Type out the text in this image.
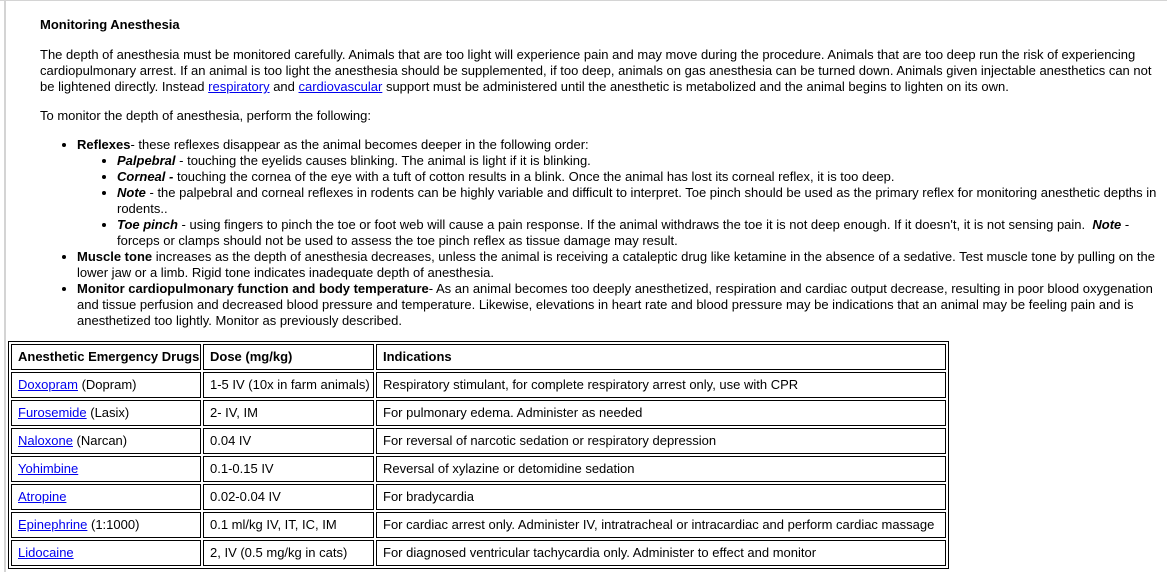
Monitoring Anesthesia

The depth of anesthesia must be monitored carefully. Animals that are too light will experience pain and may move during the procedure. Animals that are too deep run the risk of experiencing cardiopulmonary arrest. If an animal is too light the anesthesia should be supplemented, if too deep, animals on gas anesthesia can be turned down. Animals given injectable anesthetics can not be lightened directly. Instead respiratory and cardiovascular support must be administered until the anesthetic is metabolized and the animal begins to lighten on its own.

To monitor the depth of anesthesia, perform the following:

• Reflexes- these reflexes disappear as the animal becomes deeper in the following order:
• Palpebral - touching the eyelids causes blinking. The animal is light if it is blinking.
• Corneal - touching the cornea of the eye with a tuft of cotton results in a blink. Once the animal has lost its corneal reflex, it is too deep.
• Note - the palpebral and corneal reflexes in rodents can be highly variable and difficult to interpret. Toe pinch should be used as the primary reflex for monitoring anesthetic depths in rodents..
• Toe pinch - using fingers to pinch the toe or foot web will cause a pain response. If the animal withdraws the toe it is not deep enough. If it doesn't, it is not sensing pain.  Note - forceps or clamps should not be used to assess the toe pinch reflex as tissue damage may result.
• Muscle tone increases as the depth of anesthesia decreases, unless the animal is receiving a cataleptic drug like ketamine in the absence of a sedative. Test muscle tone by pulling on the lower jaw or a limb. Rigid tone indicates inadequate depth of anesthesia.
• Monitor cardiopulmonary function and body temperature- As an animal becomes too deeply anesthetized, respiration and cardiac output decrease, resulting in poor blood oxygenation and tissue perfusion and decreased blood pressure and temperature. Likewise, elevations in heart rate and blood pressure may be indications that an animal may be feeling pain and is anesthetized too lightly. Monitor as previously described.
Anesthetic Emergency Drugs	Dose (mg/kg)	Indications
Doxopram (Dopram)	1-5 IV (10x in farm animals)	Respiratory stimulant, for complete respiratory arrest only, use with CPR
Furosemide (Lasix)	2- IV, IM	For pulmonary edema. Administer as needed
Naloxone (Narcan)	0.04 IV	For reversal of narcotic sedation or respiratory depression
Yohimbine	0.1-0.15 IV	Reversal of xylazine or detomidine sedation
Atropine	0.02-0.04 IV	For bradycardia
Epinephrine (1:1000)	0.1 ml/kg IV, IT, IC, IM	For cardiac arrest only. Administer IV, intratracheal or intracardiac and perform cardiac massage
Lidocaine	2, IV (0.5 mg/kg in cats)	For diagnosed ventricular tachycardia only. Administer to effect and monitor
